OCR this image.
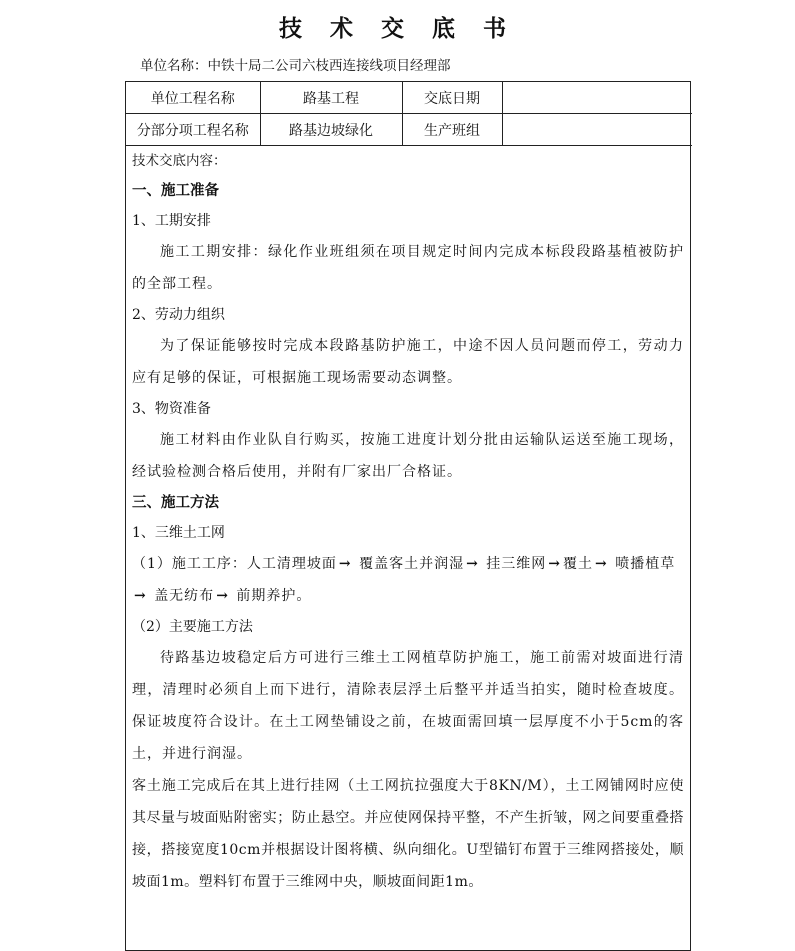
技 术 交 底 书
单位名称：中铁十局二公司六枝西连接线项目经理部
单位工程名称	路基工程	交底日期	
分部分项工程名称	路基边坡绿化	生产班组	

技术交底内容：

一、施工准备

1、工期安排

施工工期安排：绿化作业班组须在项目规定时间内完成本标段段路基植被防护的全部工程。

2、劳动力组织

为了保证能够按时完成本段路基防护施工，中途不因人员问题而停工，劳动力应有足够的保证，可根据施工现场需要动态调整。

3、物资准备

施工材料由作业队自行购买，按施工进度计划分批由运输队运送至施工现场，经试验检测合格后使用，并附有厂家出厂合格证。

三、施工方法

1、三维土工网

（1）施工工序：人工清理坡面 → 覆盖客土并润湿 → 挂三维网 → 覆土 → 喷播植草→ 盖无纺布 → 前期养护。

（2）主要施工方法

待路基边坡稳定后方可进行三维土工网植草防护施工，施工前需对坡面进行清理，清理时必须自上而下进行，清除表层浮土后整平并适当拍实，随时检查坡度。保证坡度符合设计。在土工网垫铺设之前，在坡面需回填一层厚度不小于5cm的客土，并进行润湿。

客土施工完成后在其上进行挂网（土工网抗拉强度大于8KN/M），土工网铺网时应使其尽量与坡面贴附密实；防止悬空。并应使网保持平整，不产生折皱，网之间要重叠搭接，搭接宽度10cm并根据设计图将横、纵向细化。U型锚钉布置于三维网搭接处，顺坡面1m。塑料钉布置于三维网中央，顺坡面间距1m。
